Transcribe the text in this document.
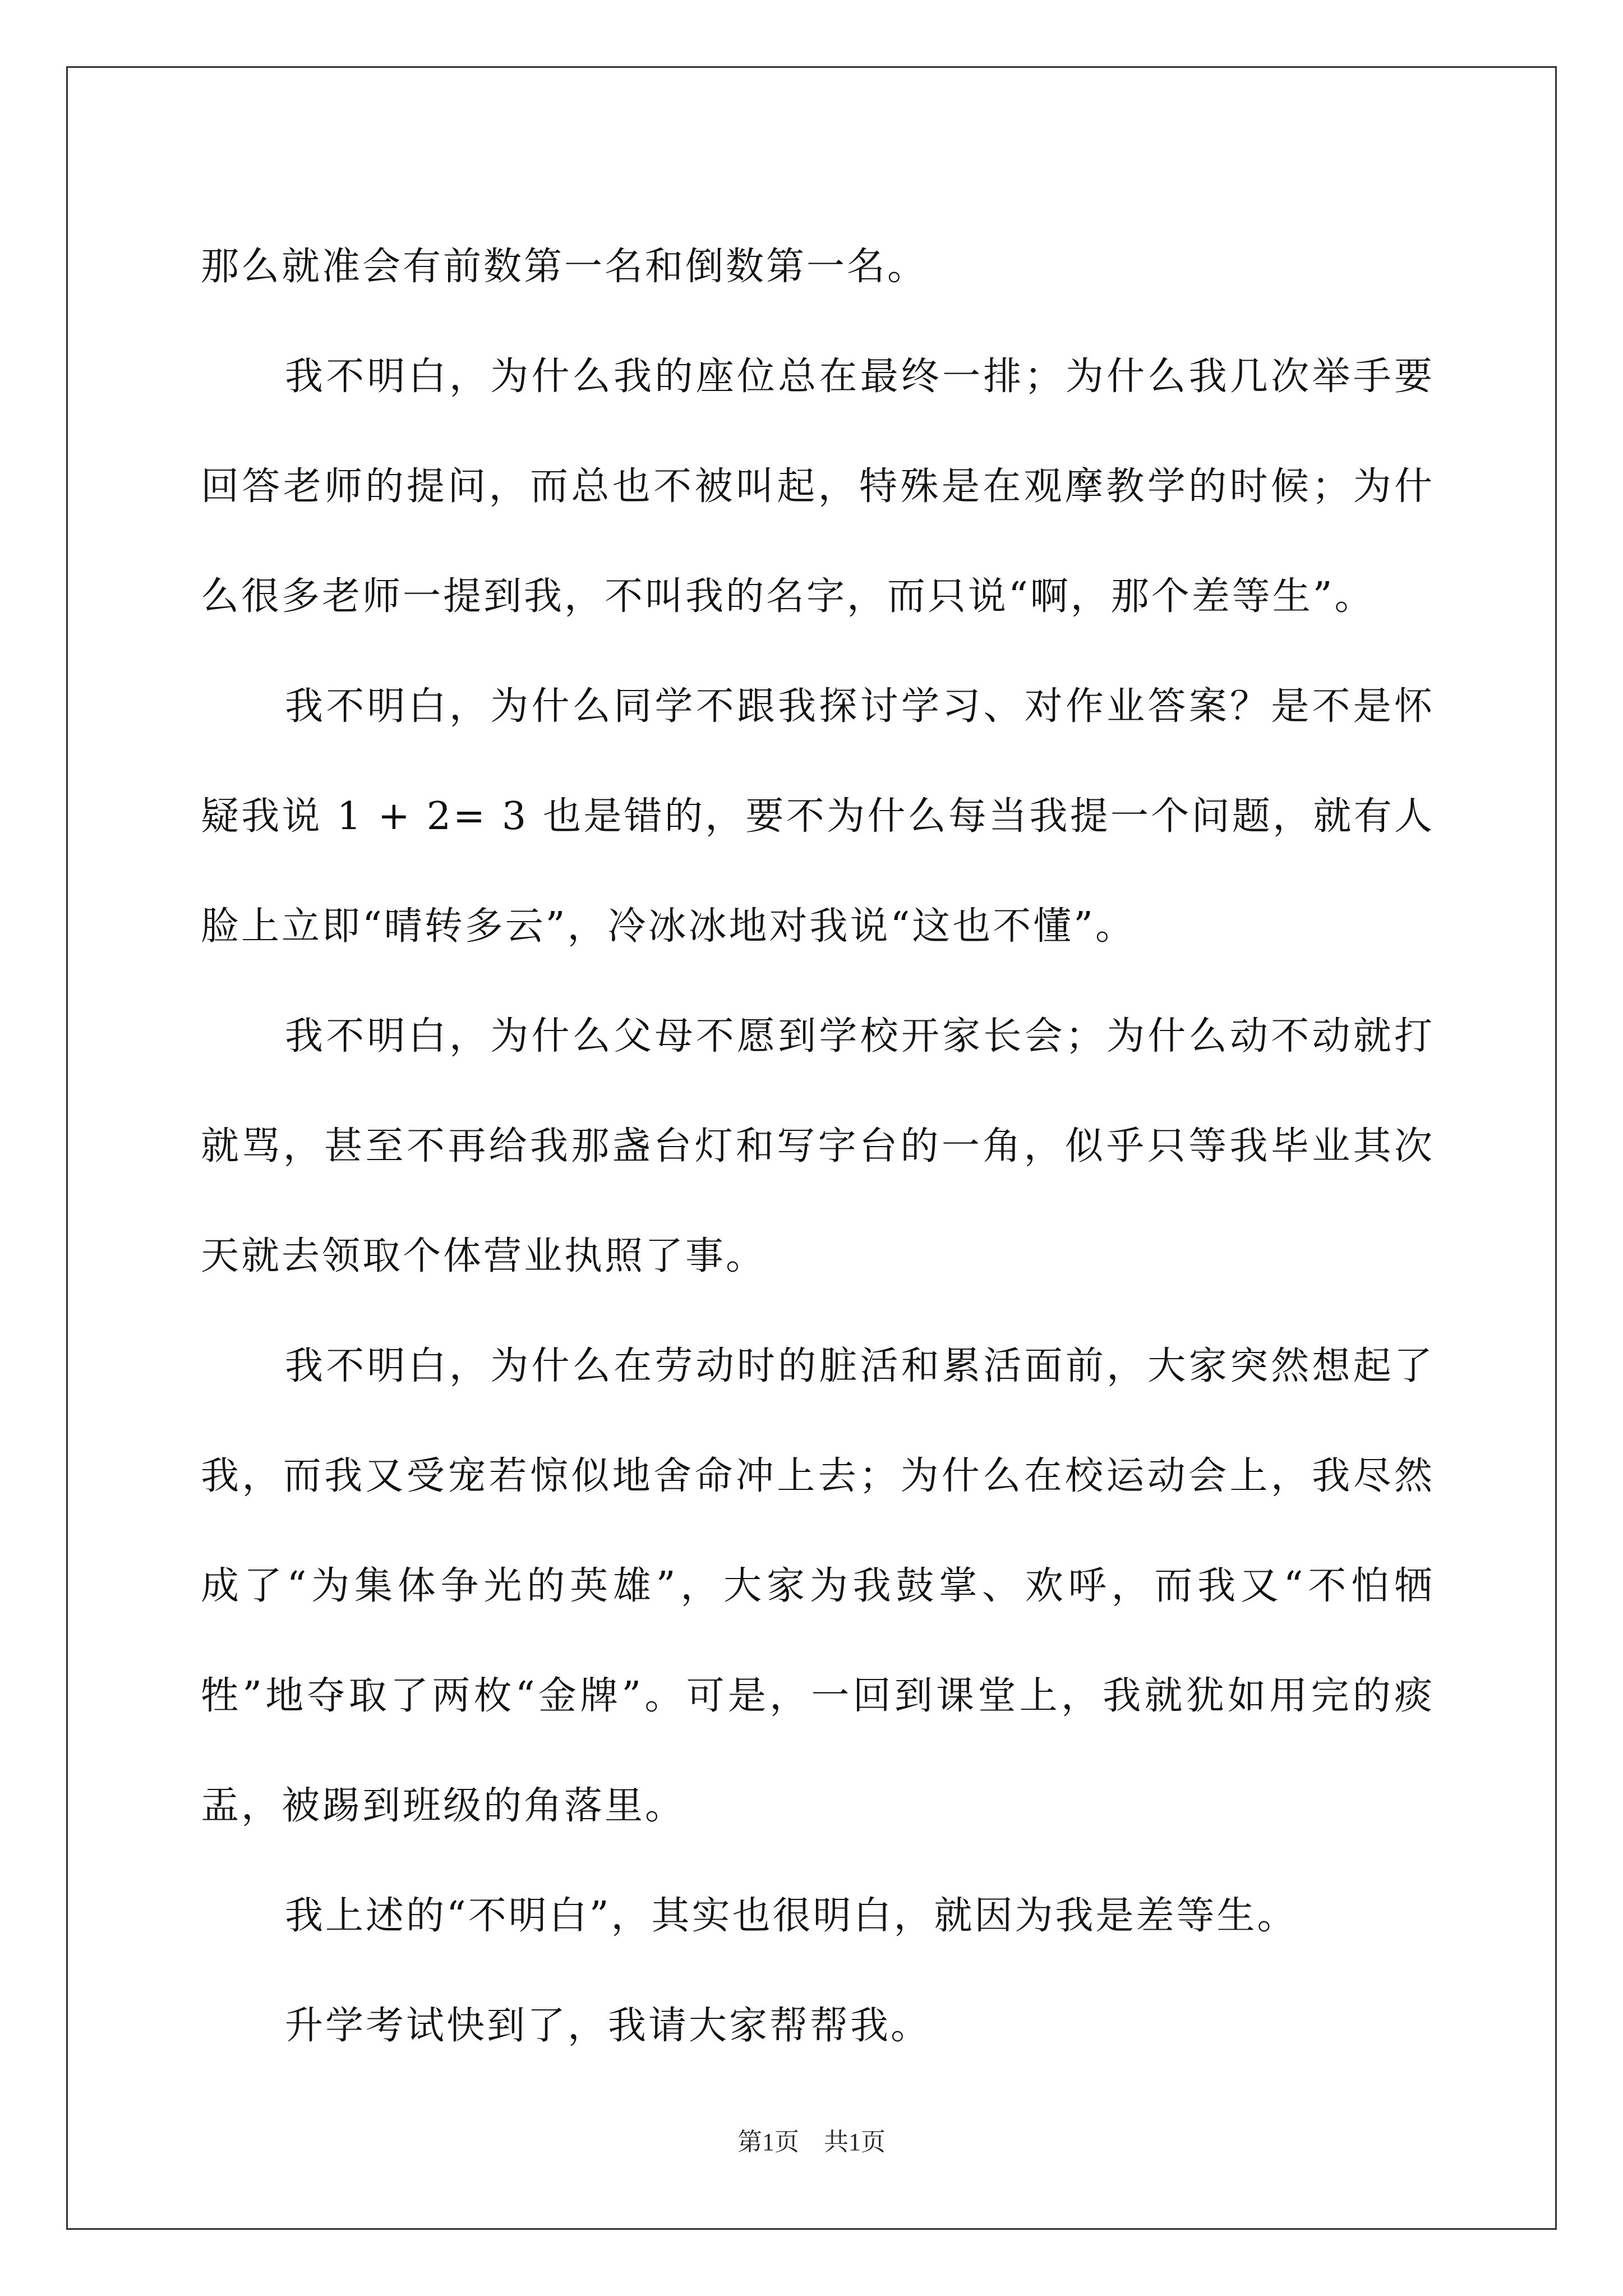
那么就准会有前数第一名和倒数第一名。

我不明白，为什么我的座位总在最终一排；为什么我几次举手要回答老师的提问，而总也不被叫起，特殊是在观摩教学的时候；为什么很多老师一提到我，不叫我的名字，而只说“啊，那个差等生”。

我不明白，为什么同学不跟我探讨学习、对作业答案？是不是怀疑我说 1 + 2= 3 也是错的，要不为什么每当我提一个问题，就有人脸上立即“晴转多云”，冷冰冰地对我说“这也不懂”。

我不明白，为什么父母不愿到学校开家长会；为什么动不动就打就骂，甚至不再给我那盏台灯和写字台的一角，似乎只等我毕业其次天就去领取个体营业执照了事。

我不明白，为什么在劳动时的脏活和累活面前，大家突然想起了我，而我又受宠若惊似地舍命冲上去；为什么在校运动会上，我尽然成了“为集体争光的英雄”，大家为我鼓掌、欢呼，而我又“不怕牺牲”地夺取了两枚“金牌”。可是，一回到课堂上，我就犹如用完的痰盂，被踢到班级的角落里。

我上述的“不明白”，其实也很明白，就因为我是差等生。

升学考试快到了，我请大家帮帮我。

第1页　共1页
